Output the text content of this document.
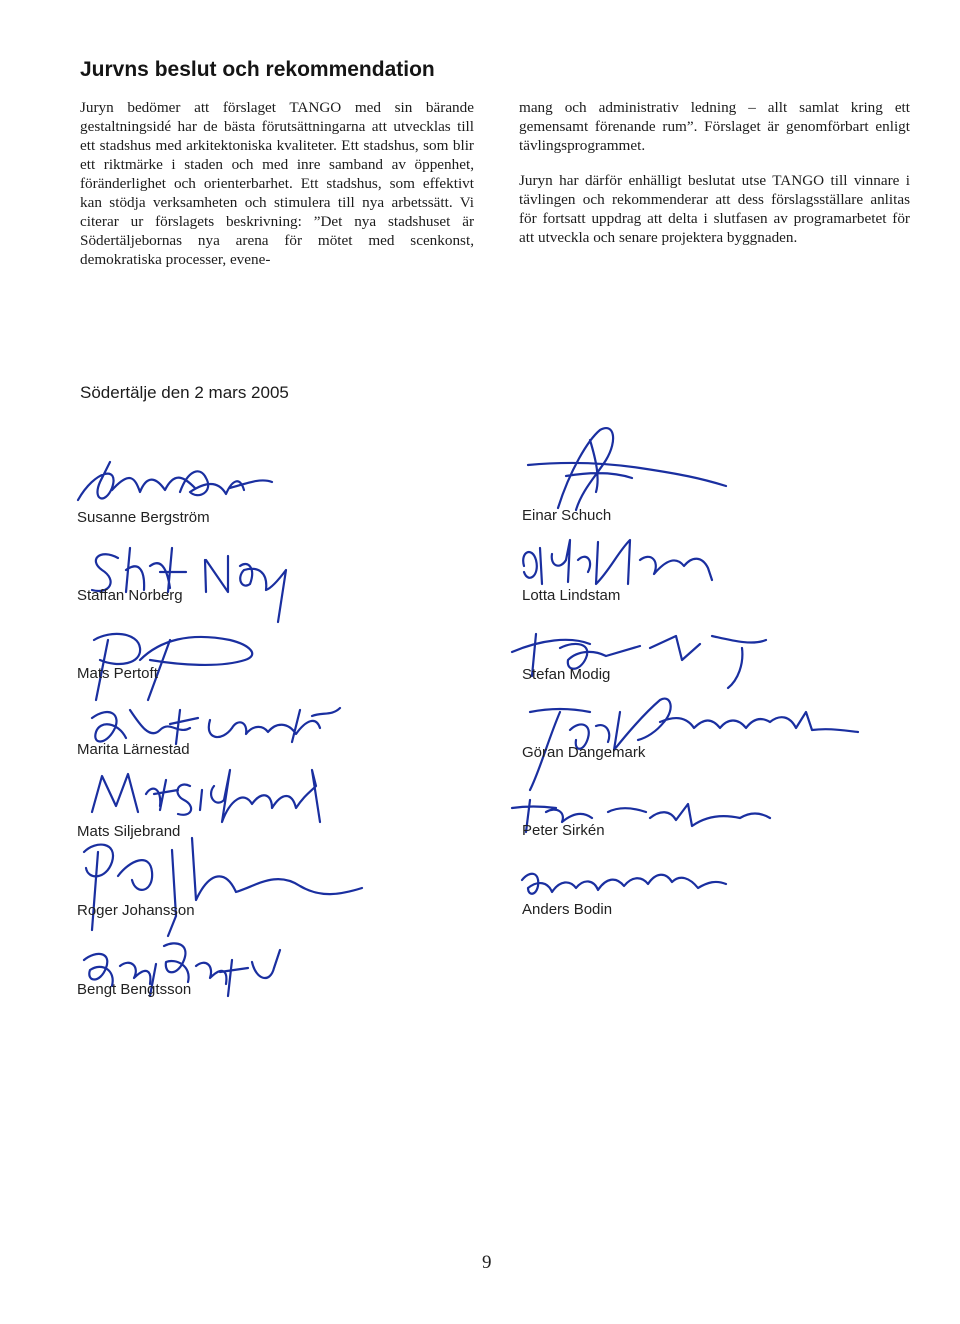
Jurvns beslut och rekommendation

Juryn bedömer att förslaget TANGO med sin bärande gestaltningsidé har de bästa förutsättningarna att utvecklas till ett stadshus med arkitektoniska kvaliteter. Ett stadshus, som blir ett riktmärke i staden och med inre samband av öppenhet, föränderlighet och orienterbarhet. Ett stadshus, som effektivt kan stödja verksamheten och stimulera till nya arbetssätt. Vi citerar ur förslagets beskrivning: ”Det nya stadshuset är Södertäljebornas nya arena för mötet med scenkonst, demokratiska processer, evene-

mang och administrativ ledning – allt samlat kring ett gemensamt förenande rum”. Förslaget är genomförbart enligt tävlingsprogrammet.

Juryn har därför enhälligt beslutat utse TANGO till vinnare i tävlingen och rekommenderar att dess förslagsställare anlitas för fortsatt uppdrag att delta i slutfasen av programarbetet för att utveckla och senare projektera byggnaden.

Södertälje den 2 mars 2005
Susanne Bergström
Staffan Norberg
Mats Pertoft
Marita Lärnestad
Mats Siljebrand
Roger Johansson
Bengt Bengtsson
Einar Schuch
Lotta Lindstam
Stefan Modig
Göran Dangemark
Peter Sirkén
Anders Bodin
9
